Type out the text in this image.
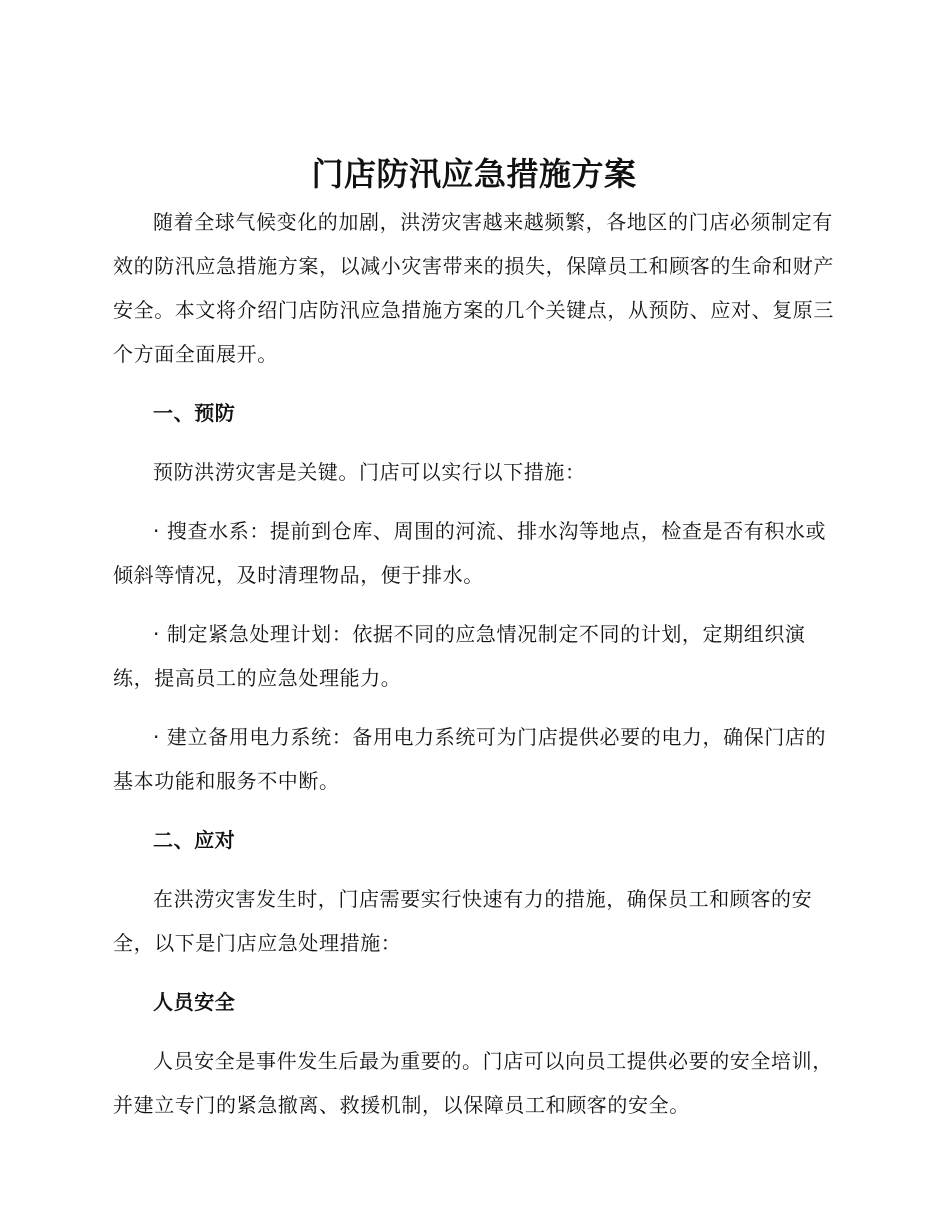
门店防汛应急措施方案

随着全球气候变化的加剧，洪涝灾害越来越频繁，各地区的门店必须制定有效的防汛应急措施方案，以减小灾害带来的损失，保障员工和顾客的生命和财产安全。本文将介绍门店防汛应急措施方案的几个关键点，从预防、应对、复原三个方面全面展开。

一、预防

预防洪涝灾害是关键。门店可以实行以下措施：

· 搜查水系：提前到仓库、周围的河流、排水沟等地点，检查是否有积水或倾斜等情况，及时清理物品，便于排水。

· 制定紧急处理计划：依据不同的应急情况制定不同的计划，定期组织演练，提高员工的应急处理能力。

· 建立备用电力系统：备用电力系统可为门店提供必要的电力，确保门店的基本功能和服务不中断。

二、应对

在洪涝灾害发生时，门店需要实行快速有力的措施，确保员工和顾客的安全，以下是门店应急处理措施：

人员安全

人员安全是事件发生后最为重要的。门店可以向员工提供必要的安全培训，并建立专门的紧急撤离、救援机制，以保障员工和顾客的安全。
